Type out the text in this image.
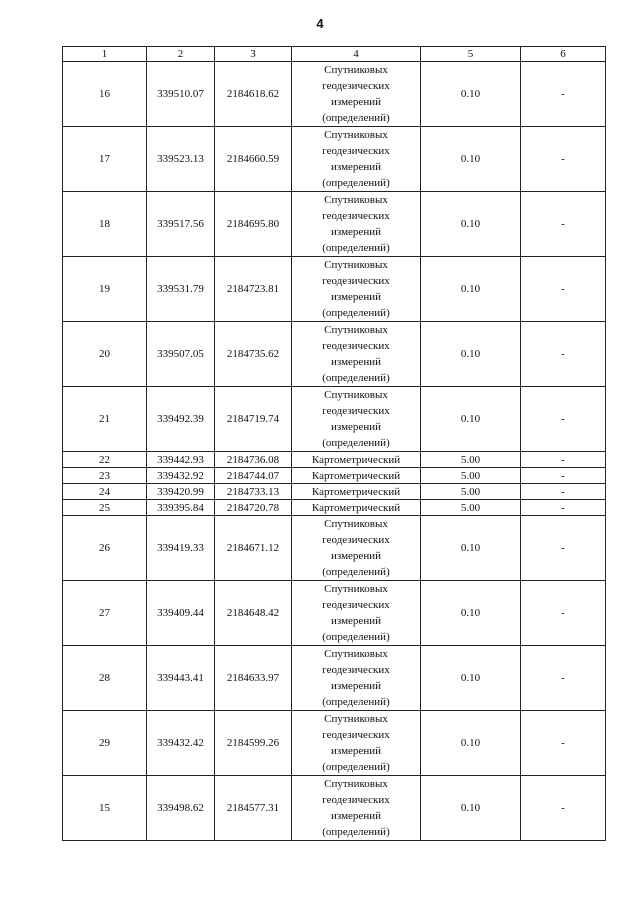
4
1	2	3	4	5	6
16	339510.07	2184618.62	Спутниковых
геодезических
измерений
(определений)	0.10	-
17	339523.13	2184660.59	Спутниковых
геодезических
измерений
(определений)	0.10	-
18	339517.56	2184695.80	Спутниковых
геодезических
измерений
(определений)	0.10	-
19	339531.79	2184723.81	Спутниковых
геодезических
измерений
(определений)	0.10	-
20	339507.05	2184735.62	Спутниковых
геодезических
измерений
(определений)	0.10	-
21	339492.39	2184719.74	Спутниковых
геодезических
измерений
(определений)	0.10	-
22	339442.93	2184736.08	Картометрический	5.00	-
23	339432.92	2184744.07	Картометрический	5.00	-
24	339420.99	2184733.13	Картометрический	5.00	-
25	339395.84	2184720.78	Картометрический	5.00	-
26	339419.33	2184671.12	Спутниковых
геодезических
измерений
(определений)	0.10	-
27	339409.44	2184648.42	Спутниковых
геодезических
измерений
(определений)	0.10	-
28	339443.41	2184633.97	Спутниковых
геодезических
измерений
(определений)	0.10	-
29	339432.42	2184599.26	Спутниковых
геодезических
измерений
(определений)	0.10	-
15	339498.62	2184577.31	Спутниковых
геодезических
измерений
(определений)	0.10	-
